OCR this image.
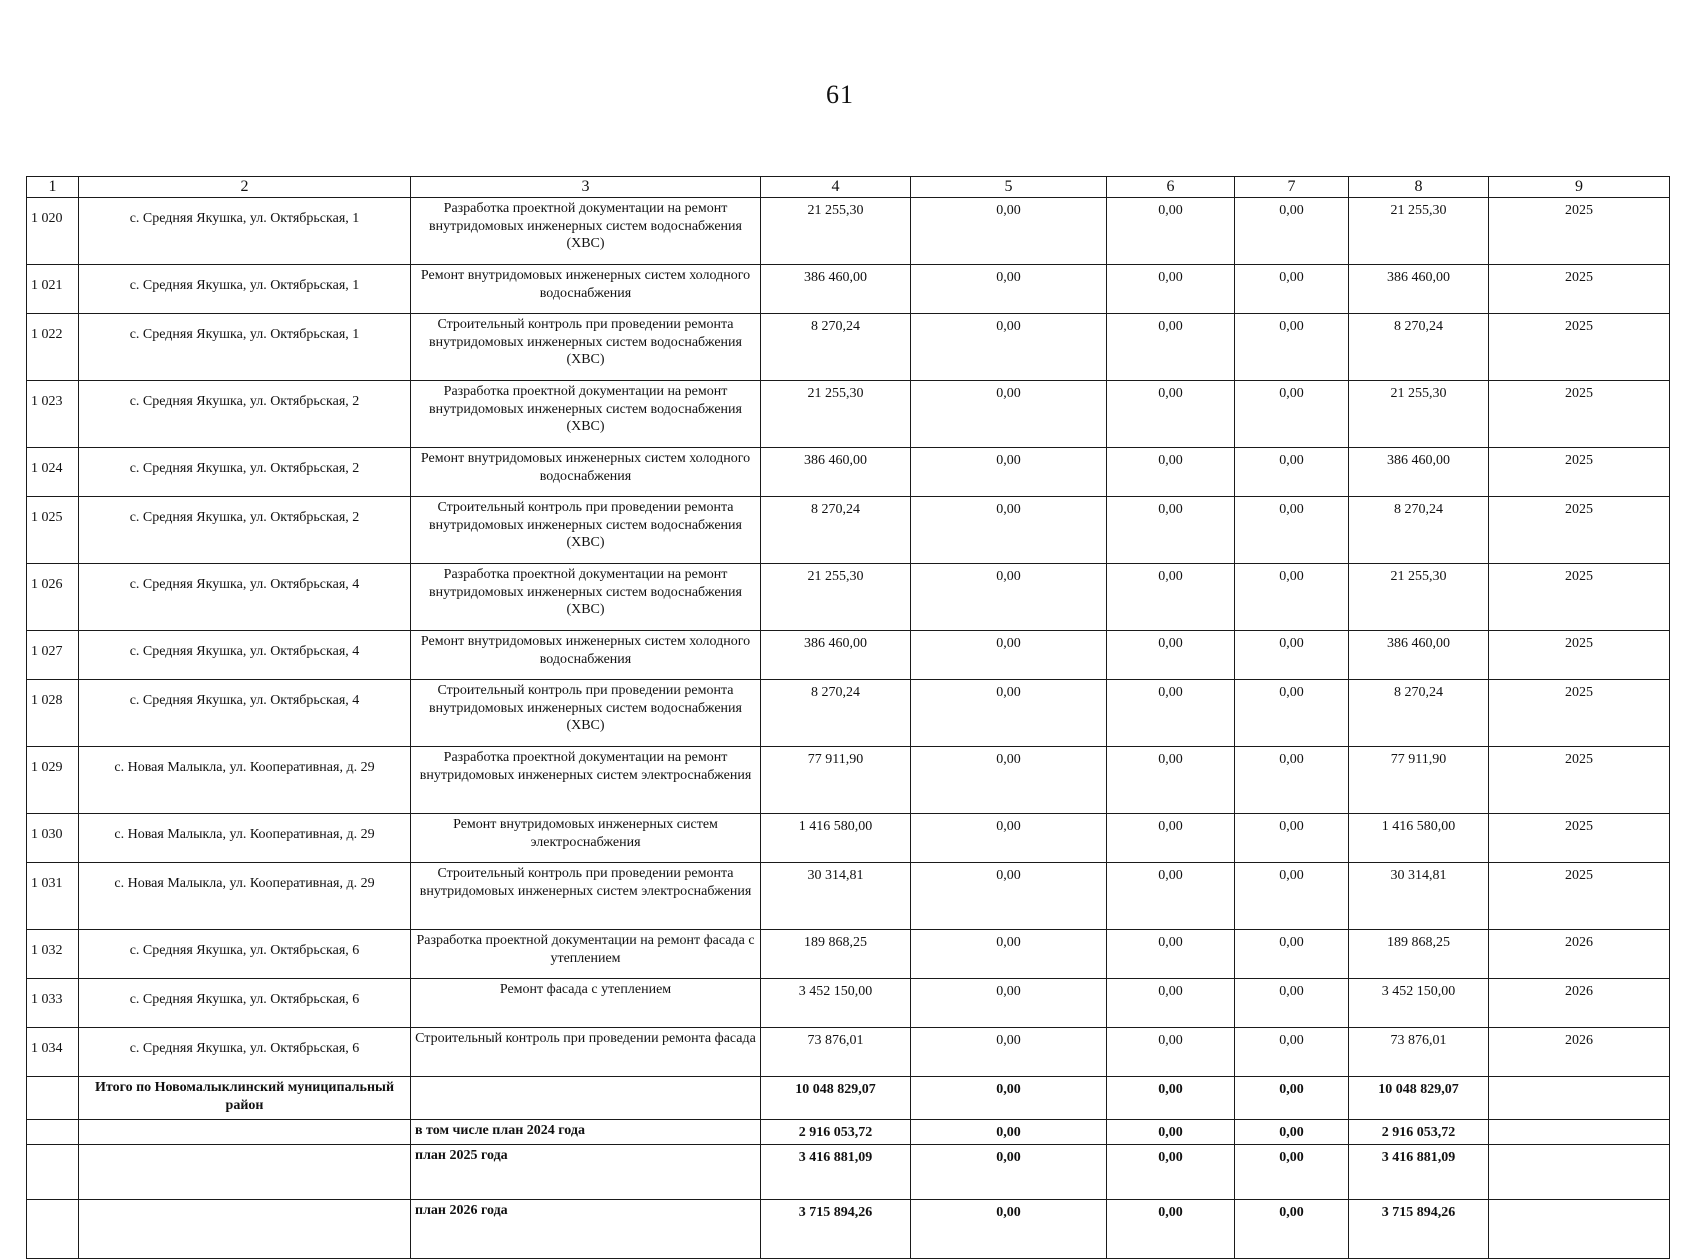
61
1	2	3	4	5	6	7	8	9
1 020	с. Средняя Якушка, ул. Октябрьская, 1	Разработка проектной документации на ремонт внутридомовых инженерных систем водоснабжения (ХВС)	21 255,30	0,00	0,00	0,00	21 255,30	2025
1 021	с. Средняя Якушка, ул. Октябрьская, 1	Ремонт внутридомовых инженерных систем холодного водоснабжения	386 460,00	0,00	0,00	0,00	386 460,00	2025
1 022	с. Средняя Якушка, ул. Октябрьская, 1	Строительный контроль при проведении ремонта внутридомовых инженерных систем водоснабжения (ХВС)	8 270,24	0,00	0,00	0,00	8 270,24	2025
1 023	с. Средняя Якушка, ул. Октябрьская, 2	Разработка проектной документации на ремонт внутридомовых инженерных систем водоснабжения (ХВС)	21 255,30	0,00	0,00	0,00	21 255,30	2025
1 024	с. Средняя Якушка, ул. Октябрьская, 2	Ремонт внутридомовых инженерных систем холодного водоснабжения	386 460,00	0,00	0,00	0,00	386 460,00	2025
1 025	с. Средняя Якушка, ул. Октябрьская, 2	Строительный контроль при проведении ремонта внутридомовых инженерных систем водоснабжения (ХВС)	8 270,24	0,00	0,00	0,00	8 270,24	2025
1 026	с. Средняя Якушка, ул. Октябрьская, 4	Разработка проектной документации на ремонт внутридомовых инженерных систем водоснабжения (ХВС)	21 255,30	0,00	0,00	0,00	21 255,30	2025
1 027	с. Средняя Якушка, ул. Октябрьская, 4	Ремонт внутридомовых инженерных систем холодного водоснабжения	386 460,00	0,00	0,00	0,00	386 460,00	2025
1 028	с. Средняя Якушка, ул. Октябрьская, 4	Строительный контроль при проведении ремонта внутридомовых инженерных систем водоснабжения (ХВС)	8 270,24	0,00	0,00	0,00	8 270,24	2025
1 029	с. Новая Малыкла, ул. Кооперативная, д. 29	Разработка проектной документации на ремонт внутридомовых инженерных систем электроснабжения	77 911,90	0,00	0,00	0,00	77 911,90	2025
1 030	с. Новая Малыкла, ул. Кооперативная, д. 29	Ремонт внутридомовых инженерных систем электроснабжения	1 416 580,00	0,00	0,00	0,00	1 416 580,00	2025
1 031	с. Новая Малыкла, ул. Кооперативная, д. 29	Строительный контроль при проведении ремонта внутридомовых инженерных систем электроснабжения	30 314,81	0,00	0,00	0,00	30 314,81	2025
1 032	с. Средняя Якушка, ул. Октябрьская, 6	Разработка проектной документации на ремонт фасада с утеплением	189 868,25	0,00	0,00	0,00	189 868,25	2026
1 033	с. Средняя Якушка, ул. Октябрьская, 6	Ремонт фасада с утеплением	3 452 150,00	0,00	0,00	0,00	3 452 150,00	2026
1 034	с. Средняя Якушка, ул. Октябрьская, 6	Строительный контроль при проведении ремонта фасада	73 876,01	0,00	0,00	0,00	73 876,01	2026
	Итого по Новомалыклинский муниципальный район		10 048 829,07	0,00	0,00	0,00	10 048 829,07	
		в том числе план 2024 года	2 916 053,72	0,00	0,00	0,00	2 916 053,72	
		план 2025 года	3 416 881,09	0,00	0,00	0,00	3 416 881,09	
		план 2026 года	3 715 894,26	0,00	0,00	0,00	3 715 894,26	
